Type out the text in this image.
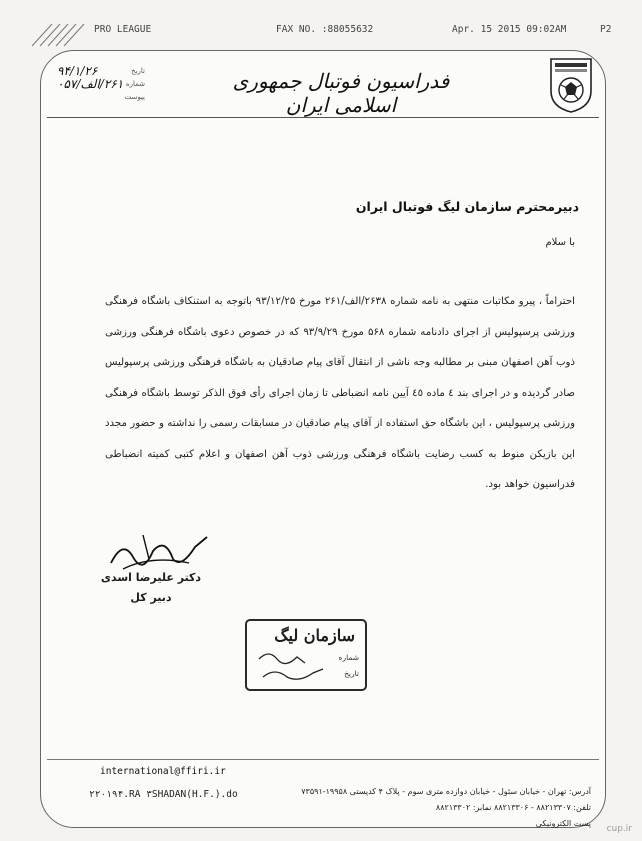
PRO LEAGUE	FAX NO. :88055632	Apr. 15 2015 09:02AM	P2
فدراسیون فوتبال جمهوری اسلامی ایران
تاریخ
۹۴/۱/۲۶
شماره
۲۶۱/الف/۰۵۷
پیوست
دبیرمحترم سازمان لیگ فوتبال ایران
با سلام
احتراماً ، پیرو مکاتبات منتهی به نامه شماره ۲۶۳۸/الف/۲۶۱ مورخ ۹۳/۱۲/۲۵ باتوجه به استنکاف باشگاه فرهنگی ورزشی پرسپولیس از اجرای دادنامه شماره ۵۶۸ مورخ ۹۳/۹/۲۹ که در خصوص دعوی باشگاه فرهنگی ورزشی ذوب آهن اصفهان مبنی بر مطالبه وجه ناشی از انتقال آقای پیام صادقیان به باشگاه فرهنگی ورزشی پرسپولیس صادر گردیده و در اجرای بند ٤ ماده ٤٥ آیین نامه انضباطی تا زمان اجرای رأی فوق الذکر توسط باشگاه فرهنگی ورزشی پرسپولیس ، این باشگاه حق استفاده از آقای پیام صادقیان در مسابقات رسمی را نداشته و حضور مجدد این بازیکن منوط به کسب رضایت باشگاه فرهنگی ورزشی ذوب آهن اصفهان و اعلام کتبی کمیته انضباطی فدراسیون خواهد بود.
دکتر علیرضا اسدی
دبیر کل
سازمان لیگ
شماره
تاریخ
۲۲۰۱۹۴.RA ۳SHADAN(H.F.).do	آدرس: تهران - خیابان سئول - خیابان دوازده متری سوم - پلاک ۴ کدپستی ۱۹۹۵۸-۷۳۵۹۱
تلفن: ۸۸۲۱۳۳۰۷ - ۸۸۲۱۳۳۰۶ نمابر: ۸۸۲۱۳۳۰۲
پست الکترونیکی
international@ffiri.ir
cup.ir
